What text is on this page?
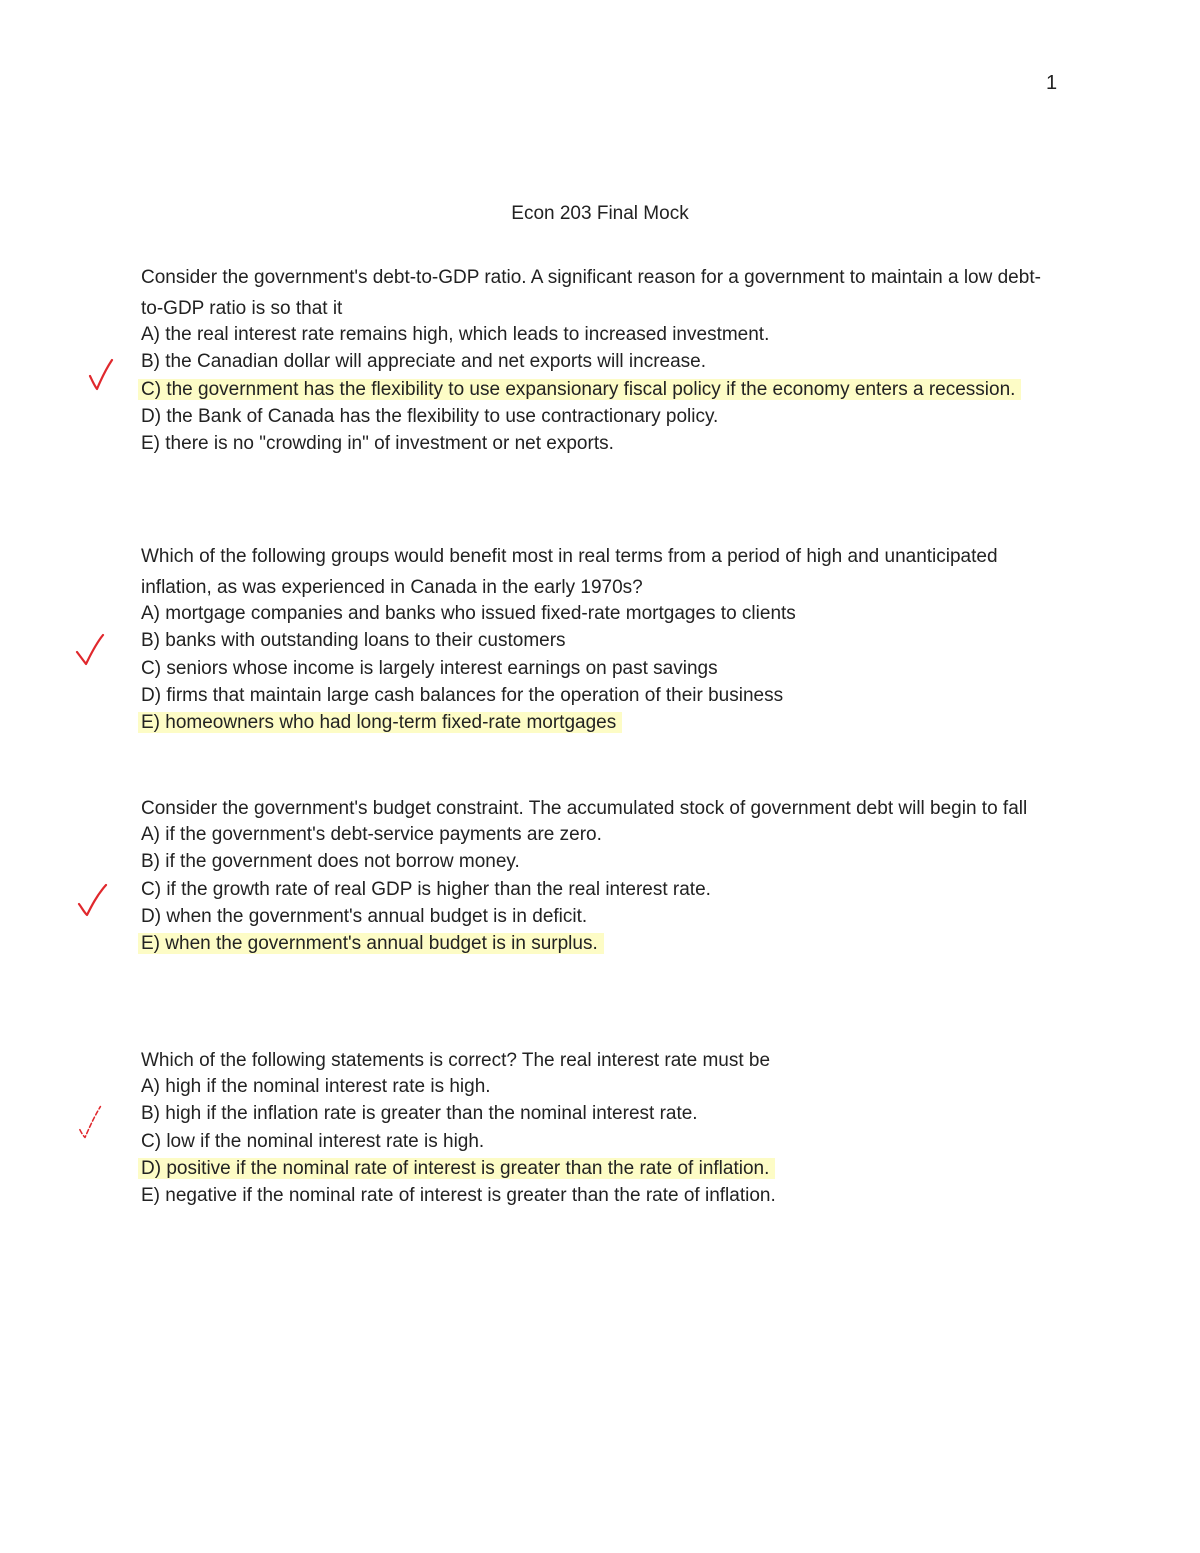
1
Econ 203 Final Mock
Consider the government's debt-to-GDP ratio. A significant reason for a government to maintain a low debt-to-GDP ratio is so that it
A) the real interest rate remains high, which leads to increased investment.
B) the Canadian dollar will appreciate and net exports will increase.
C) the government has the flexibility to use expansionary fiscal policy if the economy enters a recession.
D) the Bank of Canada has the flexibility to use contractionary policy.
E) there is no "crowding in" of investment or net exports.
Which of the following groups would benefit most in real terms from a period of high and unanticipated inflation, as was experienced in Canada in the early 1970s?
A) mortgage companies and banks who issued fixed-rate mortgages to clients
B) banks with outstanding loans to their customers
C) seniors whose income is largely interest earnings on past savings
D) firms that maintain large cash balances for the operation of their business
E) homeowners who had long-term fixed-rate mortgages
Consider the government's budget constraint. The accumulated stock of government debt will begin to fall
A) if the government's debt-service payments are zero.
B) if the government does not borrow money.
C) if the growth rate of real GDP is higher than the real interest rate.
D) when the government's annual budget is in deficit.
E) when the government's annual budget is in surplus.
Which of the following statements is correct? The real interest rate must be
A) high if the nominal interest rate is high.
B) high if the inflation rate is greater than the nominal interest rate.
C) low if the nominal interest rate is high.
D) positive if the nominal rate of interest is greater than the rate of inflation.
E) negative if the nominal rate of interest is greater than the rate of inflation.
